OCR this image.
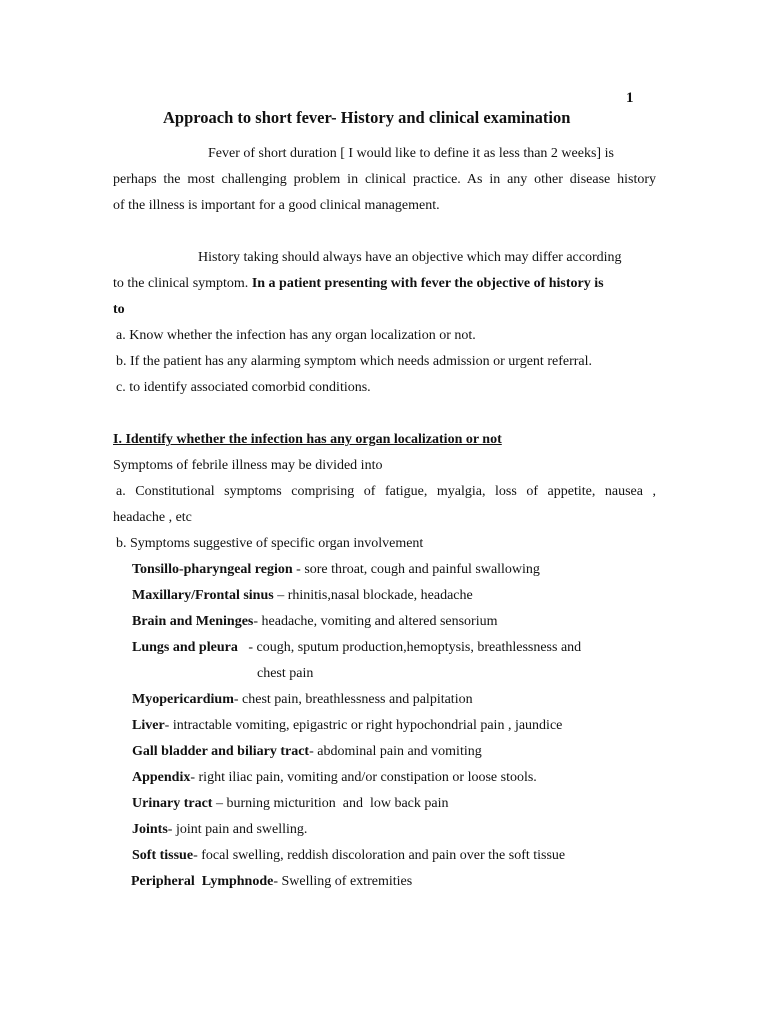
1
Approach to short fever- History and clinical examination
Fever of short duration [ I would like to define it as less than 2 weeks] is
perhaps the most challenging problem in clinical practice. As in any other disease history
of the illness is important for a good clinical management.
History taking should always have an objective which may differ according
to the clinical symptom. In a patient presenting with fever the objective of history is
to
a. Know whether the infection has any organ localization or not.
b. If the patient has any alarming symptom which needs admission or urgent referral.
c. to identify associated comorbid conditions.
I. Identify whether the infection has any organ localization or not
Symptoms of febrile illness may be divided into
a. Constitutional symptoms comprising of fatigue, myalgia, loss of appetite, nausea ,
headache , etc
b. Symptoms suggestive of specific organ involvement
Tonsillo-pharyngeal region - sore throat, cough and painful swallowing
Maxillary/Frontal sinus – rhinitis,nasal blockade, headache
Brain and Meninges- headache, vomiting and altered sensorium
Lungs and pleura   - cough, sputum production,hemoptysis, breathlessness and
chest pain
Myopericardium- chest pain, breathlessness and palpitation
Liver- intractable vomiting, epigastric or right hypochondrial pain , jaundice
Gall bladder and biliary tract- abdominal pain and vomiting
Appendix- right iliac pain, vomiting and/or constipation or loose stools.
Urinary tract – burning micturition  and  low back pain
Joints- joint pain and swelling.
Soft tissue- focal swelling, reddish discoloration and pain over the soft tissue
Peripheral  Lymphnode- Swelling of extremities
